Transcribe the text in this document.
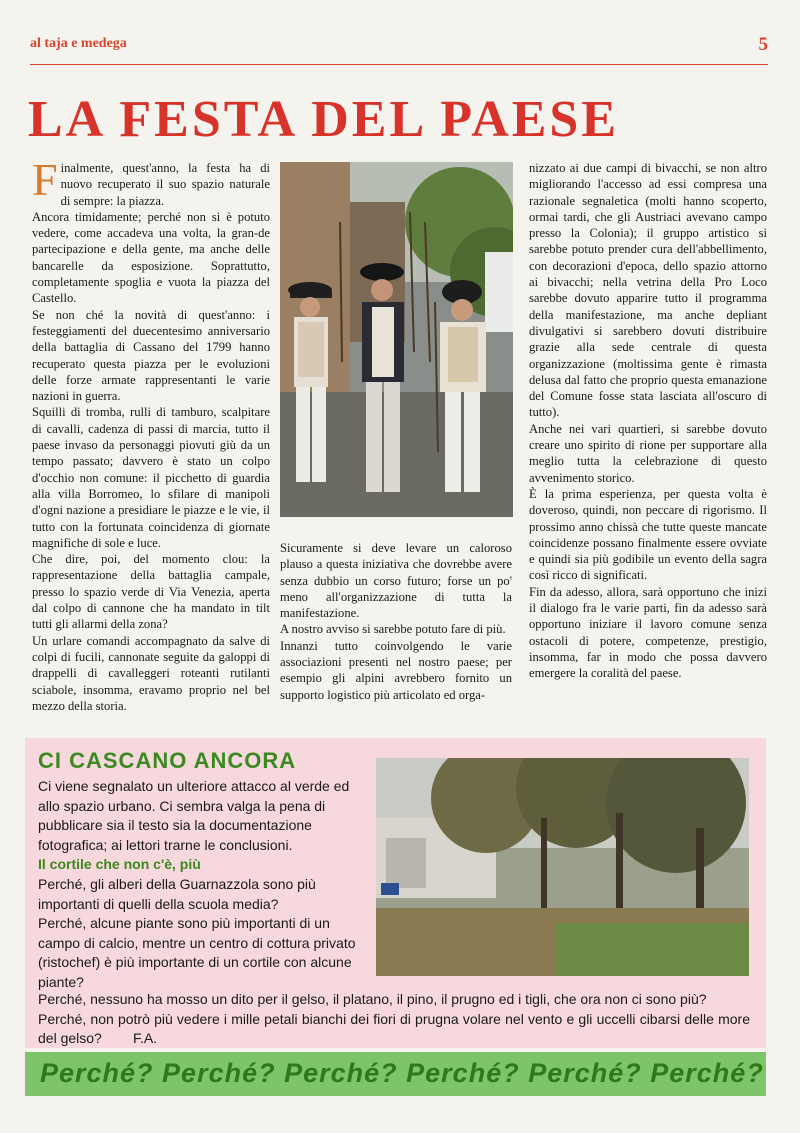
al taja e medega	5
LA FESTA DEL PAESE

Finalmente, quest'anno, la festa ha di nuovo recuperato il suo spazio naturale di sempre: la piazza.

Ancora timidamente; perché non si è potuto vedere, come accadeva una volta, la gran-de partecipazione e della gente, ma anche delle bancarelle da esposizione. Soprattutto, completamente spoglia e vuota la piazza del Castello.

Se non ché la novità di quest'anno: i festeggiamenti del duecentesimo anniversario della battaglia di Cassano del 1799 hanno recuperato questa piazza per le evoluzioni delle forze armate rappresentanti le varie nazioni in guerra.

Squilli di tromba, rulli di tamburo, scalpitare di cavalli, cadenza di passi di marcia, tutto il paese invaso da personaggi piovuti giù da un tempo passato; davvero è stato un colpo d'occhio non comune: il picchetto di guardia alla villa Borromeo, lo sfilare di manipoli d'ogni nazione a presidiare le piazze e le vie, il tutto con la fortunata coincidenza di giornate magnifiche di sole e luce.

Che dire, poi, del momento clou: la rappresentazione della battaglia campale, presso lo spazio verde di Via Venezia, aperta dal colpo di cannone che ha mandato in tilt tutti gli allarmi della zona?

Un urlare comandi accompagnato da salve di colpi di fucili, cannonate seguite da galoppi di drappelli di cavalleggeri roteanti rutilanti sciabole, insomma, eravamo proprio nel bel mezzo della storia.

Sicuramente si deve levare un caloroso plauso a questa iniziativa che dovrebbe avere senza dubbio un corso futuro; forse un po' meno all'organizzazione di tutta la manifestazione.

A nostro avviso si sarebbe potuto fare di più.

Innanzi tutto coinvolgendo le varie associazioni presenti nel nostro paese; per esempio gli alpini avrebbero fornito un supporto logistico più articolato ed orga-

nizzato ai due campi di bivacchi, se non altro migliorando l'accesso ad essi compresa una razionale segnaletica (molti hanno scoperto, ormai tardi, che gli Austriaci avevano campo presso la Colonia); il gruppo artistico si sarebbe potuto prender cura dell'abbellimento, con decorazioni d'epoca, dello spazio attorno ai bivacchi; nella vetrina della Pro Loco sarebbe dovuto apparire tutto il programma della manifestazione, ma anche depliant divulgativi si sarebbero dovuti distribuire grazie alla sede centrale di questa organizzazione (moltissima gente è rimasta delusa dal fatto che proprio questa emanazione del Comune fosse stata lasciata all'oscuro di tutto).

Anche nei vari quartieri, si sarebbe dovuto creare uno spirito di rione per supportare alla meglio tutta la celebrazione di questo avvenimento storico.

È la prima esperienza, per questa volta è doveroso, quindi, non peccare di rigorismo. Il prossimo anno chissà che tutte queste mancate coincidenze possano finalmente essere ovviate e quindi sia più godibile un evento della sagra così ricco di significati.

Fin da adesso, allora, sarà opportuno che inizi il dialogo fra le varie parti, fin da adesso sarà opportuno iniziare il lavoro comune senza ostacoli di potere, competenze, prestigio, insomma, far in modo che possa davvero emergere la coralità del paese.

CI CASCANO ANCORA

Ci viene segnalato un ulteriore attacco al verde ed allo spazio urbano. Ci sembra valga la pena di pubblicare sia il testo sia la documentazione fotografica; ai lettori trarne le conclusioni.

Il cortile che non c'è, più

Perché, gli alberi della Guarnazzola sono più importanti di quelli della scuola media?

Perché, alcune piante sono più importanti di un campo di calcio, mentre un centro di cottura privato (ristochef) è più importante di un cortile con alcune piante?

Perché, nessuno ha mosso un dito per il gelso, il platano, il pino, il prugno ed i tigli, che ora non ci sono più?

Perché, non potrò più vedere i mille petali bianchi dei fiori di prugna volare nel vento e gli uccelli cibarsi delle more del gelso? F.A.

Perché? Perché? Perché? Perché? Perché? Perché?
